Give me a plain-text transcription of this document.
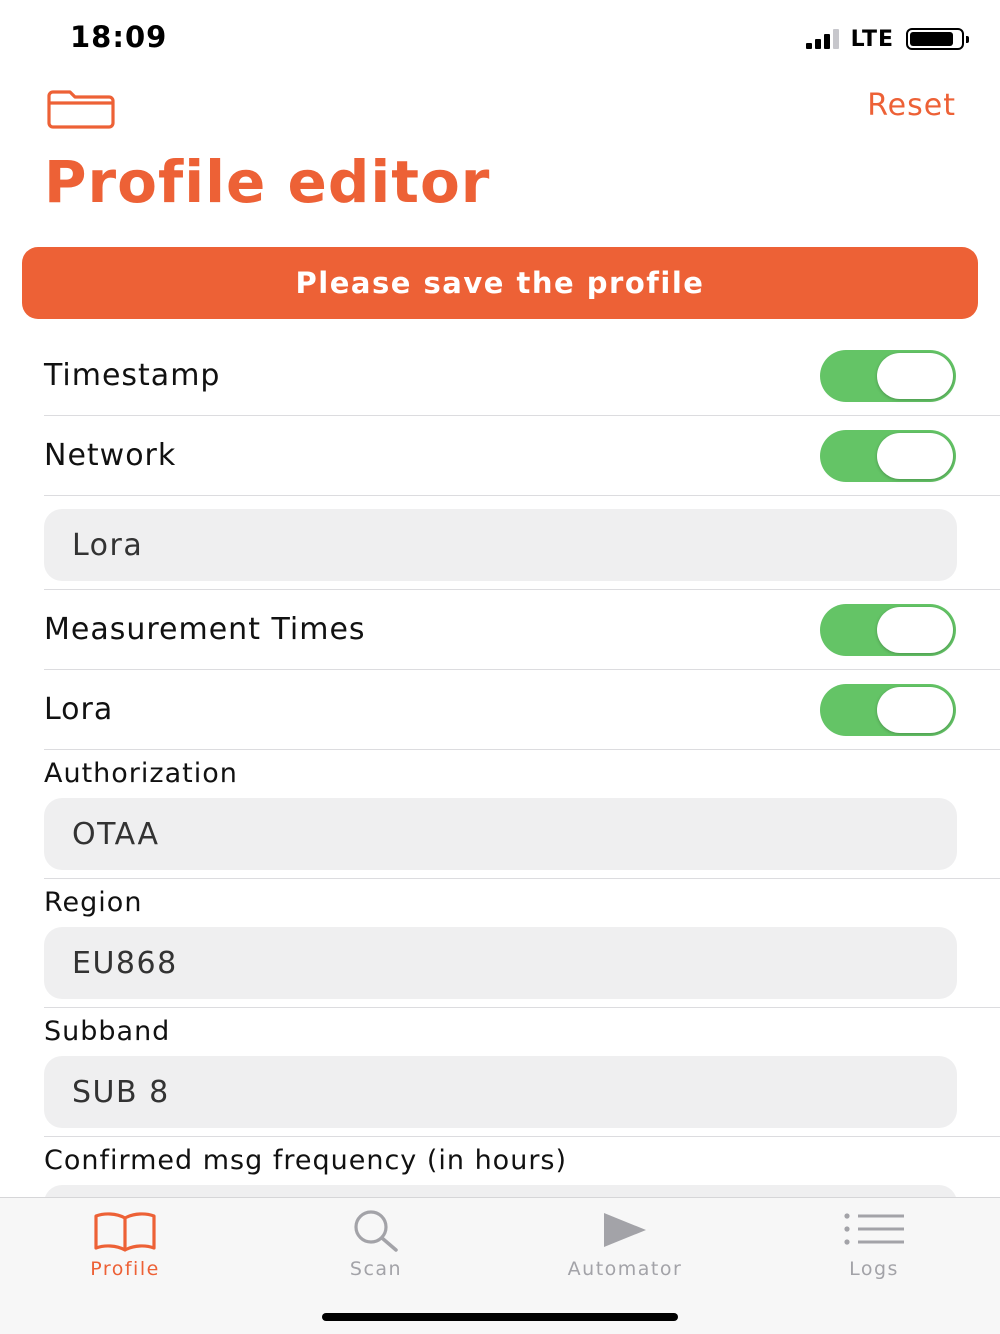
18:09	LTE
Reset
Profile editor
Please save the profile
Timestamp
Network
Lora
Measurement Times
Lora
Authorization
OTAA
Region
EU868
Subband
SUB 8
Confirmed msg frequency (in hours)
Profile	Scan	Automator	Logs
